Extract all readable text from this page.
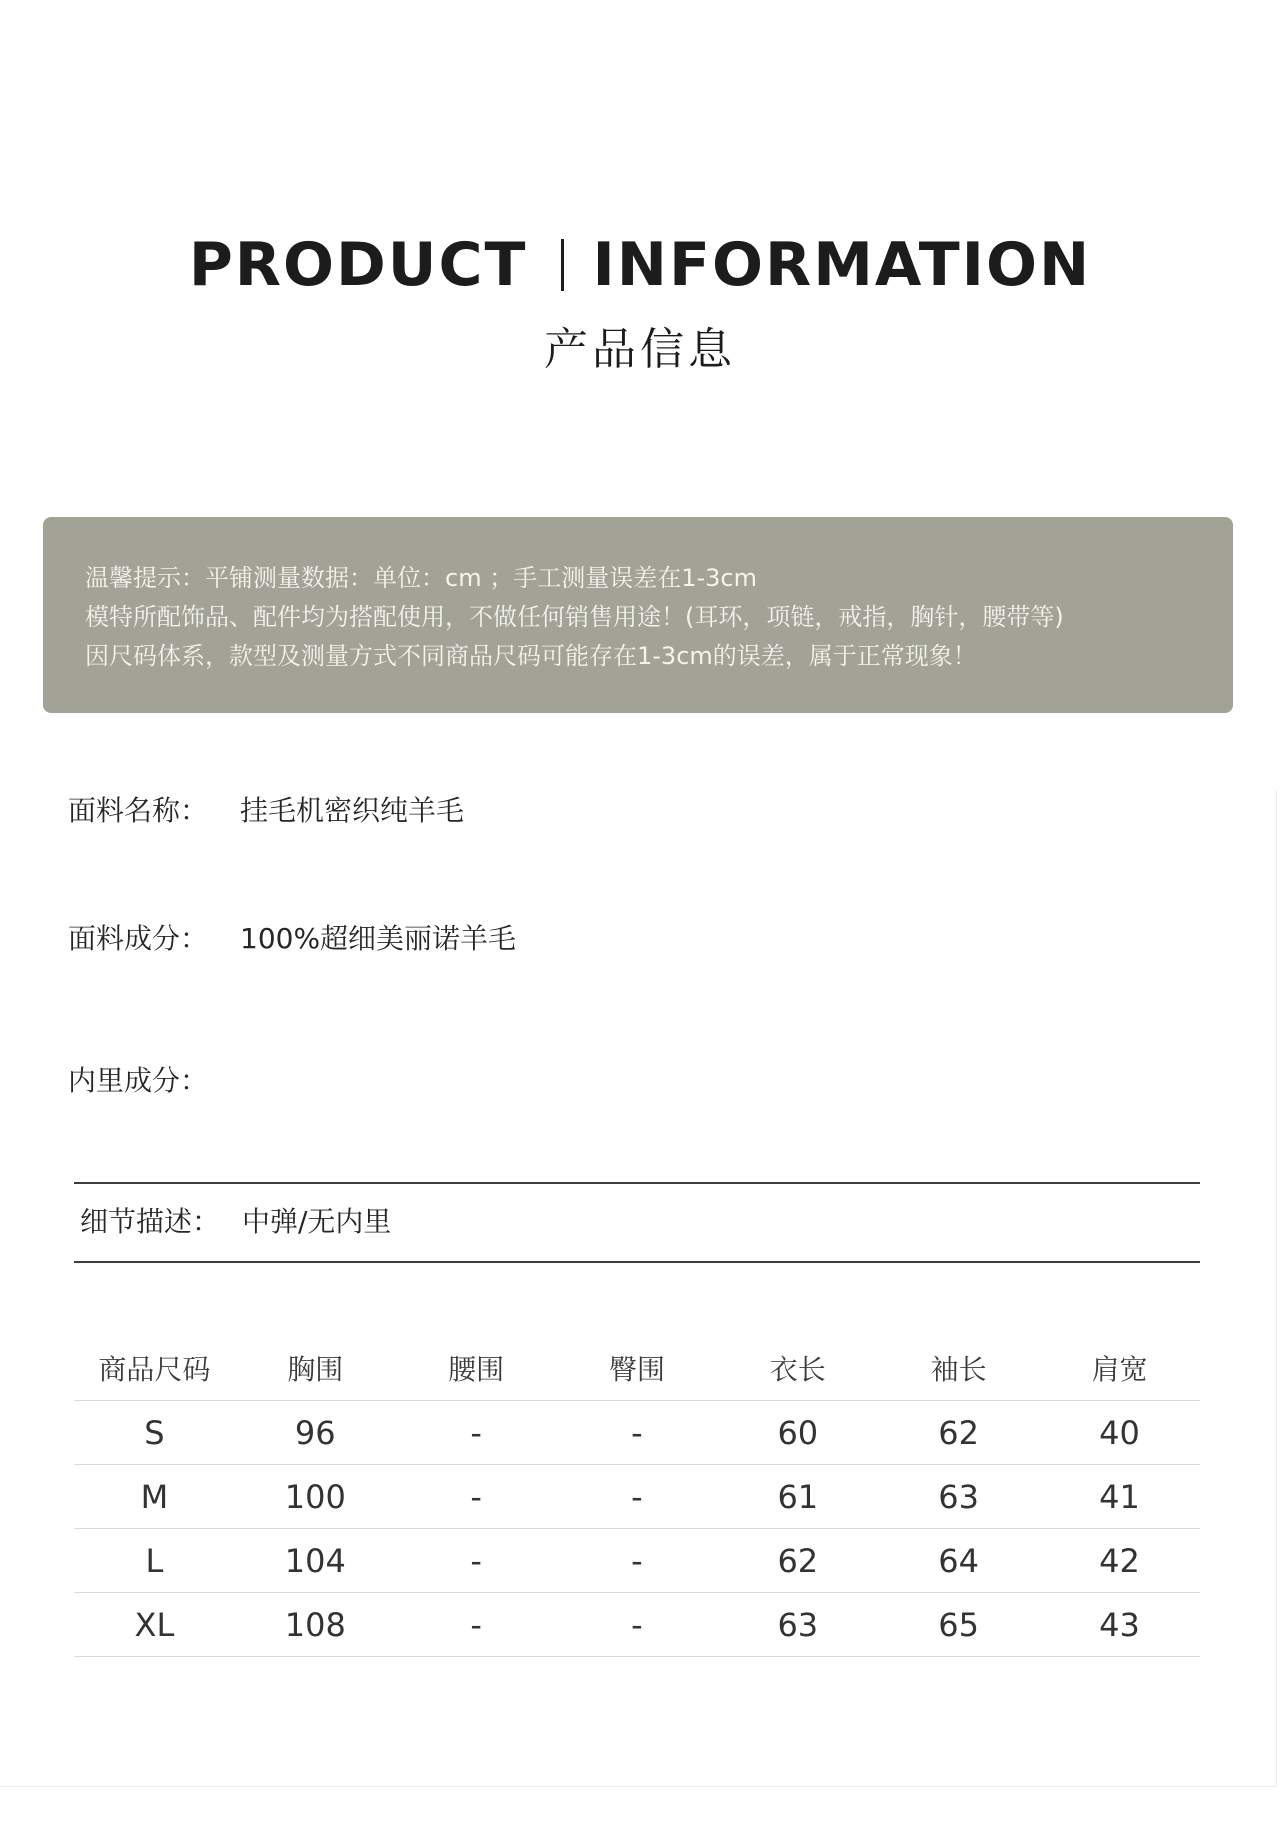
PRODUCT INFORMATION
产品信息
温馨提示：平铺测量数据：单位：cm ；手工测量误差在1-3cm
模特所配饰品、配件均为搭配使用，不做任何销售用途！(耳环，项链，戒指，胸针，腰带等)
因尺码体系，款型及测量方式不同商品尺码可能存在1-3cm的误差，属于正常现象！
面料名称： 挂毛机密织纯羊毛
面料成分： 100%超细美丽诺羊毛
内里成分：
细节描述： 中弹/无内里
商品尺码	胸围	腰围	臀围	衣长	袖长	肩宽
S	96	-	-	60	62	40
M	100	-	-	61	63	41
L	104	-	-	62	64	42
XL	108	-	-	63	65	43
